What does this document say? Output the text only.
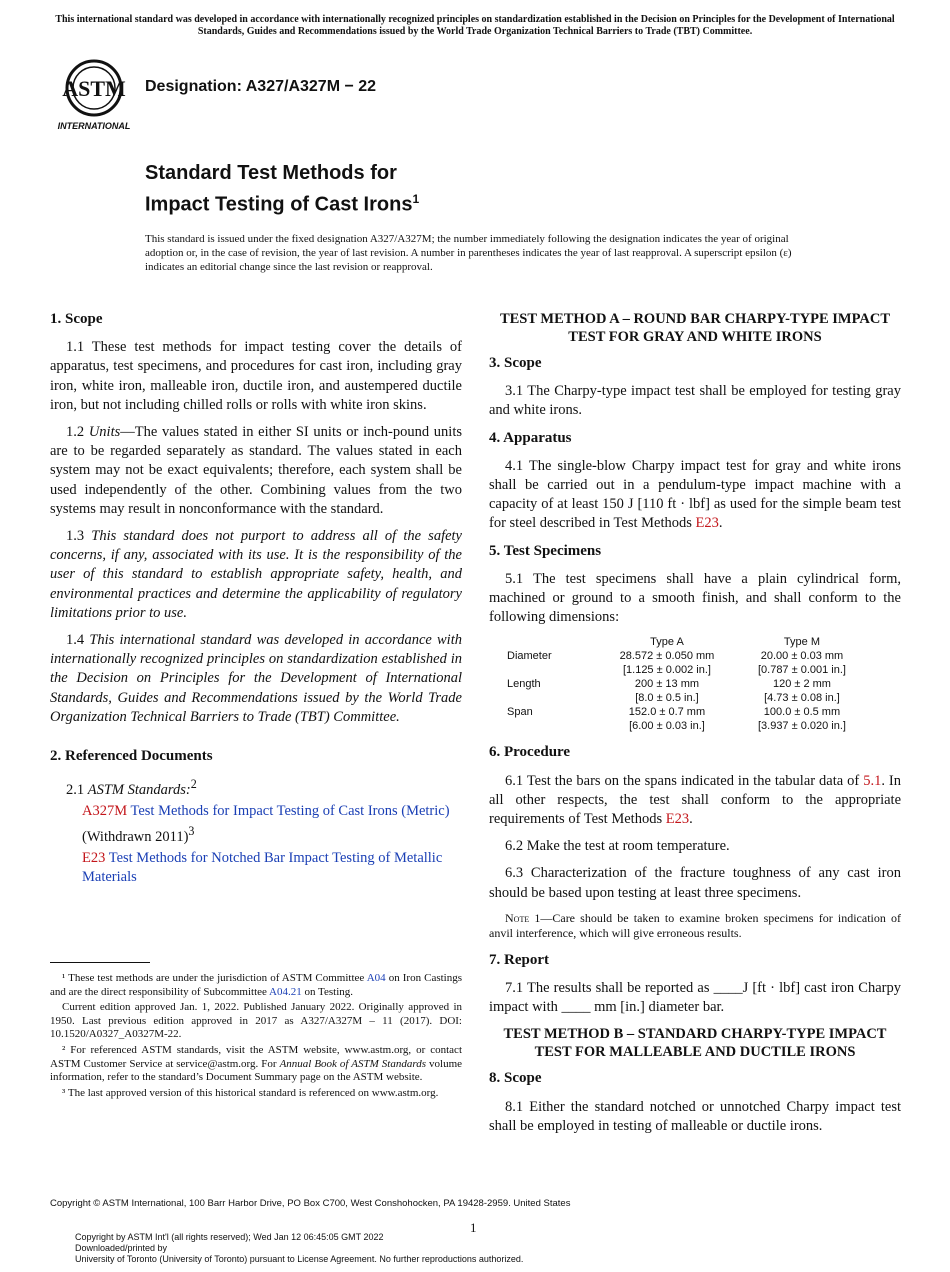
This international standard was developed in accordance with internationally recognized principles on standardization established in the Decision on Principles for the Development of International Standards, Guides and Recommendations issued by the World Trade Organization Technical Barriers to Trade (TBT) Committee.
ASTM
INTERNATIONAL
Designation: A327/A327M − 22
Standard Test Methods for
Impact Testing of Cast Irons$^1$
This standard is issued under the fixed designation A327/A327M; the number immediately following the designation indicates the year of original adoption or, in the case of revision, the year of last revision. A number in parentheses indicates the year of last reapproval. A superscript epsilon (ε) indicates an editorial change since the last revision or reapproval.
1. Scope

1.1 These test methods for impact testing cover the details of apparatus, test specimens, and procedures for cast iron, including gray iron, white iron, malleable iron, ductile iron, and austempered ductile iron, but not including chilled rolls or rolls with white iron skins.

1.2 Units—The values stated in either SI units or inch-pound units are to be regarded separately as standard. The values stated in each system may not be exact equivalents; therefore, each system shall be used independently of the other. Combining values from the two systems may result in nonconformance with the standard.

1.3 This standard does not purport to address all of the safety concerns, if any, associated with its use. It is the responsibility of the user of this standard to establish appropriate safety, health, and environmental practices and determine the applicability of regulatory limitations prior to use.

1.4 This international standard was developed in accordance with internationally recognized principles on standardization established in the Decision on Principles for the Development of International Standards, Guides and Recommendations issued by the World Trade Organization Technical Barriers to Trade (TBT) Committee.

2. Referenced Documents

2.1 ASTM Standards:$^2$

A327M Test Methods for Impact Testing of Cast Irons (Metric) (Withdrawn 2011)$^3$

E23 Test Methods for Notched Bar Impact Testing of Metallic Materials

¹ These test methods are under the jurisdiction of ASTM Committee A04 on Iron Castings and are the direct responsibility of Subcommittee A04.21 on Testing.

Current edition approved Jan. 1, 2022. Published January 2022. Originally approved in 1950. Last previous edition approved in 2017 as A327/A327M – 11 (2017). DOI: 10.1520/A0327_A0327M-22.

² For referenced ASTM standards, visit the ASTM website, www.astm.org, or contact ASTM Customer Service at service@astm.org. For Annual Book of ASTM Standards volume information, refer to the standard’s Document Summary page on the ASTM website.

³ The last approved version of this historical standard is referenced on www.astm.org.

TEST METHOD A – ROUND BAR CHARPY-TYPE IMPACT TEST FOR GRAY AND WHITE IRONS
3. Scope

3.1 The Charpy-type impact test shall be employed for testing gray and white irons.

4. Apparatus

4.1 The single-blow Charpy impact test for gray and white irons shall be carried out in a pendulum-type impact machine with a capacity of at least 150 J [110 ft · lbf] as used for the simple beam test for steel described in Test Methods E23.

5. Test Specimens

5.1 The test specimens shall have a plain cylindrical form, machined or ground to a smooth finish, and shall conform to the following dimensions:

	Type A	Type M
Diameter	28.572 ± 0.050 mm	20.00 ± 0.03 mm
	[1.125 ± 0.002 in.]	[0.787 ± 0.001 in.]
Length	200 ± 13 mm	120 ± 2 mm
	[8.0 ± 0.5 in.]	[4.73 ± 0.08 in.]
Span	152.0 ± 0.7 mm	100.0 ± 0.5 mm
	[6.00 ± 0.03 in.]	[3.937 ± 0.020 in.]
6. Procedure

6.1 Test the bars on the spans indicated in the tabular data of 5.1. In all other respects, the test shall conform to the appropriate requirements of Test Methods E23.

6.2 Make the test at room temperature.

6.3 Characterization of the fracture toughness of any cast iron should be based upon testing at least three specimens.

Note 1—Care should be taken to examine broken specimens for indication of anvil interference, which will give erroneous results.

7. Report

7.1 The results shall be reported as ____J [ft · lbf] cast iron Charpy impact with ____ mm [in.] diameter bar.

TEST METHOD B – STANDARD CHARPY-TYPE IMPACT TEST FOR MALLEABLE AND DUCTILE IRONS
8. Scope

8.1 Either the standard notched or unnotched Charpy impact test shall be employed in testing of malleable or ductile irons.

Copyright © ASTM International, 100 Barr Harbor Drive, PO Box C700, West Conshohocken, PA 19428-2959. United States
1
Copyright by ASTM Int'l (all rights reserved); Wed Jan 12 06:45:05 GMT 2022
Downloaded/printed by
University of Toronto (University of Toronto) pursuant to License Agreement. No further reproductions authorized.
